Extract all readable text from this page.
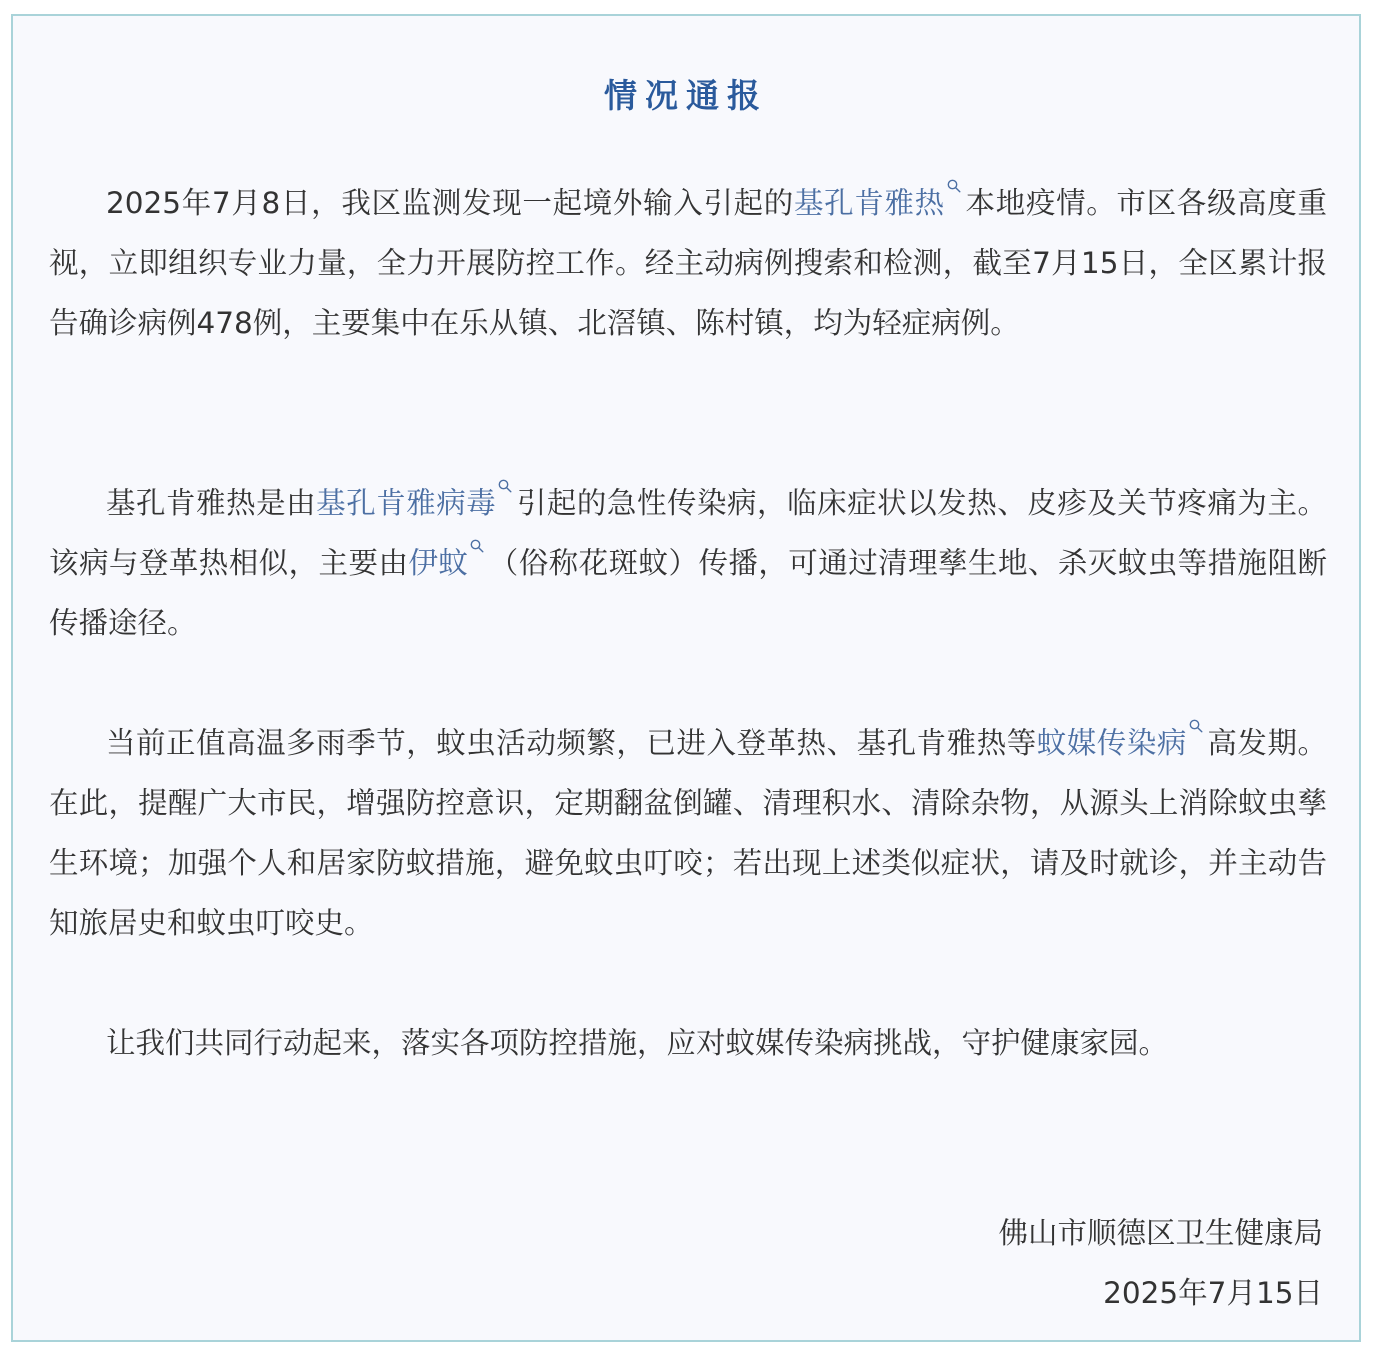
情况通报

2025年7月8日，我区监测发现一起境外输入引起的基孔肯雅热 本地疫情。市区各级高度重视，立即组织专业力量，全力开展防控工作。经主动病例搜索和检测，截至7月15日，全区累计报告确诊病例478例，主要集中在乐从镇、北滘镇、陈村镇，均为轻症病例。

基孔肯雅热是由基孔肯雅病毒 引起的急性传染病，临床症状以发热、皮疹及关节疼痛为主。该病与登革热相似，主要由伊蚊 （俗称花斑蚊）传播，可通过清理孳生地、杀灭蚊虫等措施阻断传播途径。

当前正值高温多雨季节，蚊虫活动频繁，已进入登革热、基孔肯雅热等蚊媒传染病 高发期。在此，提醒广大市民，增强防控意识，定期翻盆倒罐、清理积水、清除杂物，从源头上消除蚊虫孳生环境；加强个人和居家防蚊措施，避免蚊虫叮咬；若出现上述类似症状，请及时就诊，并主动告知旅居史和蚊虫叮咬史。

让我们共同行动起来，落实各项防控措施，应对蚊媒传染病挑战，守护健康家园。

佛山市顺德区卫生健康局
2025年7月15日
